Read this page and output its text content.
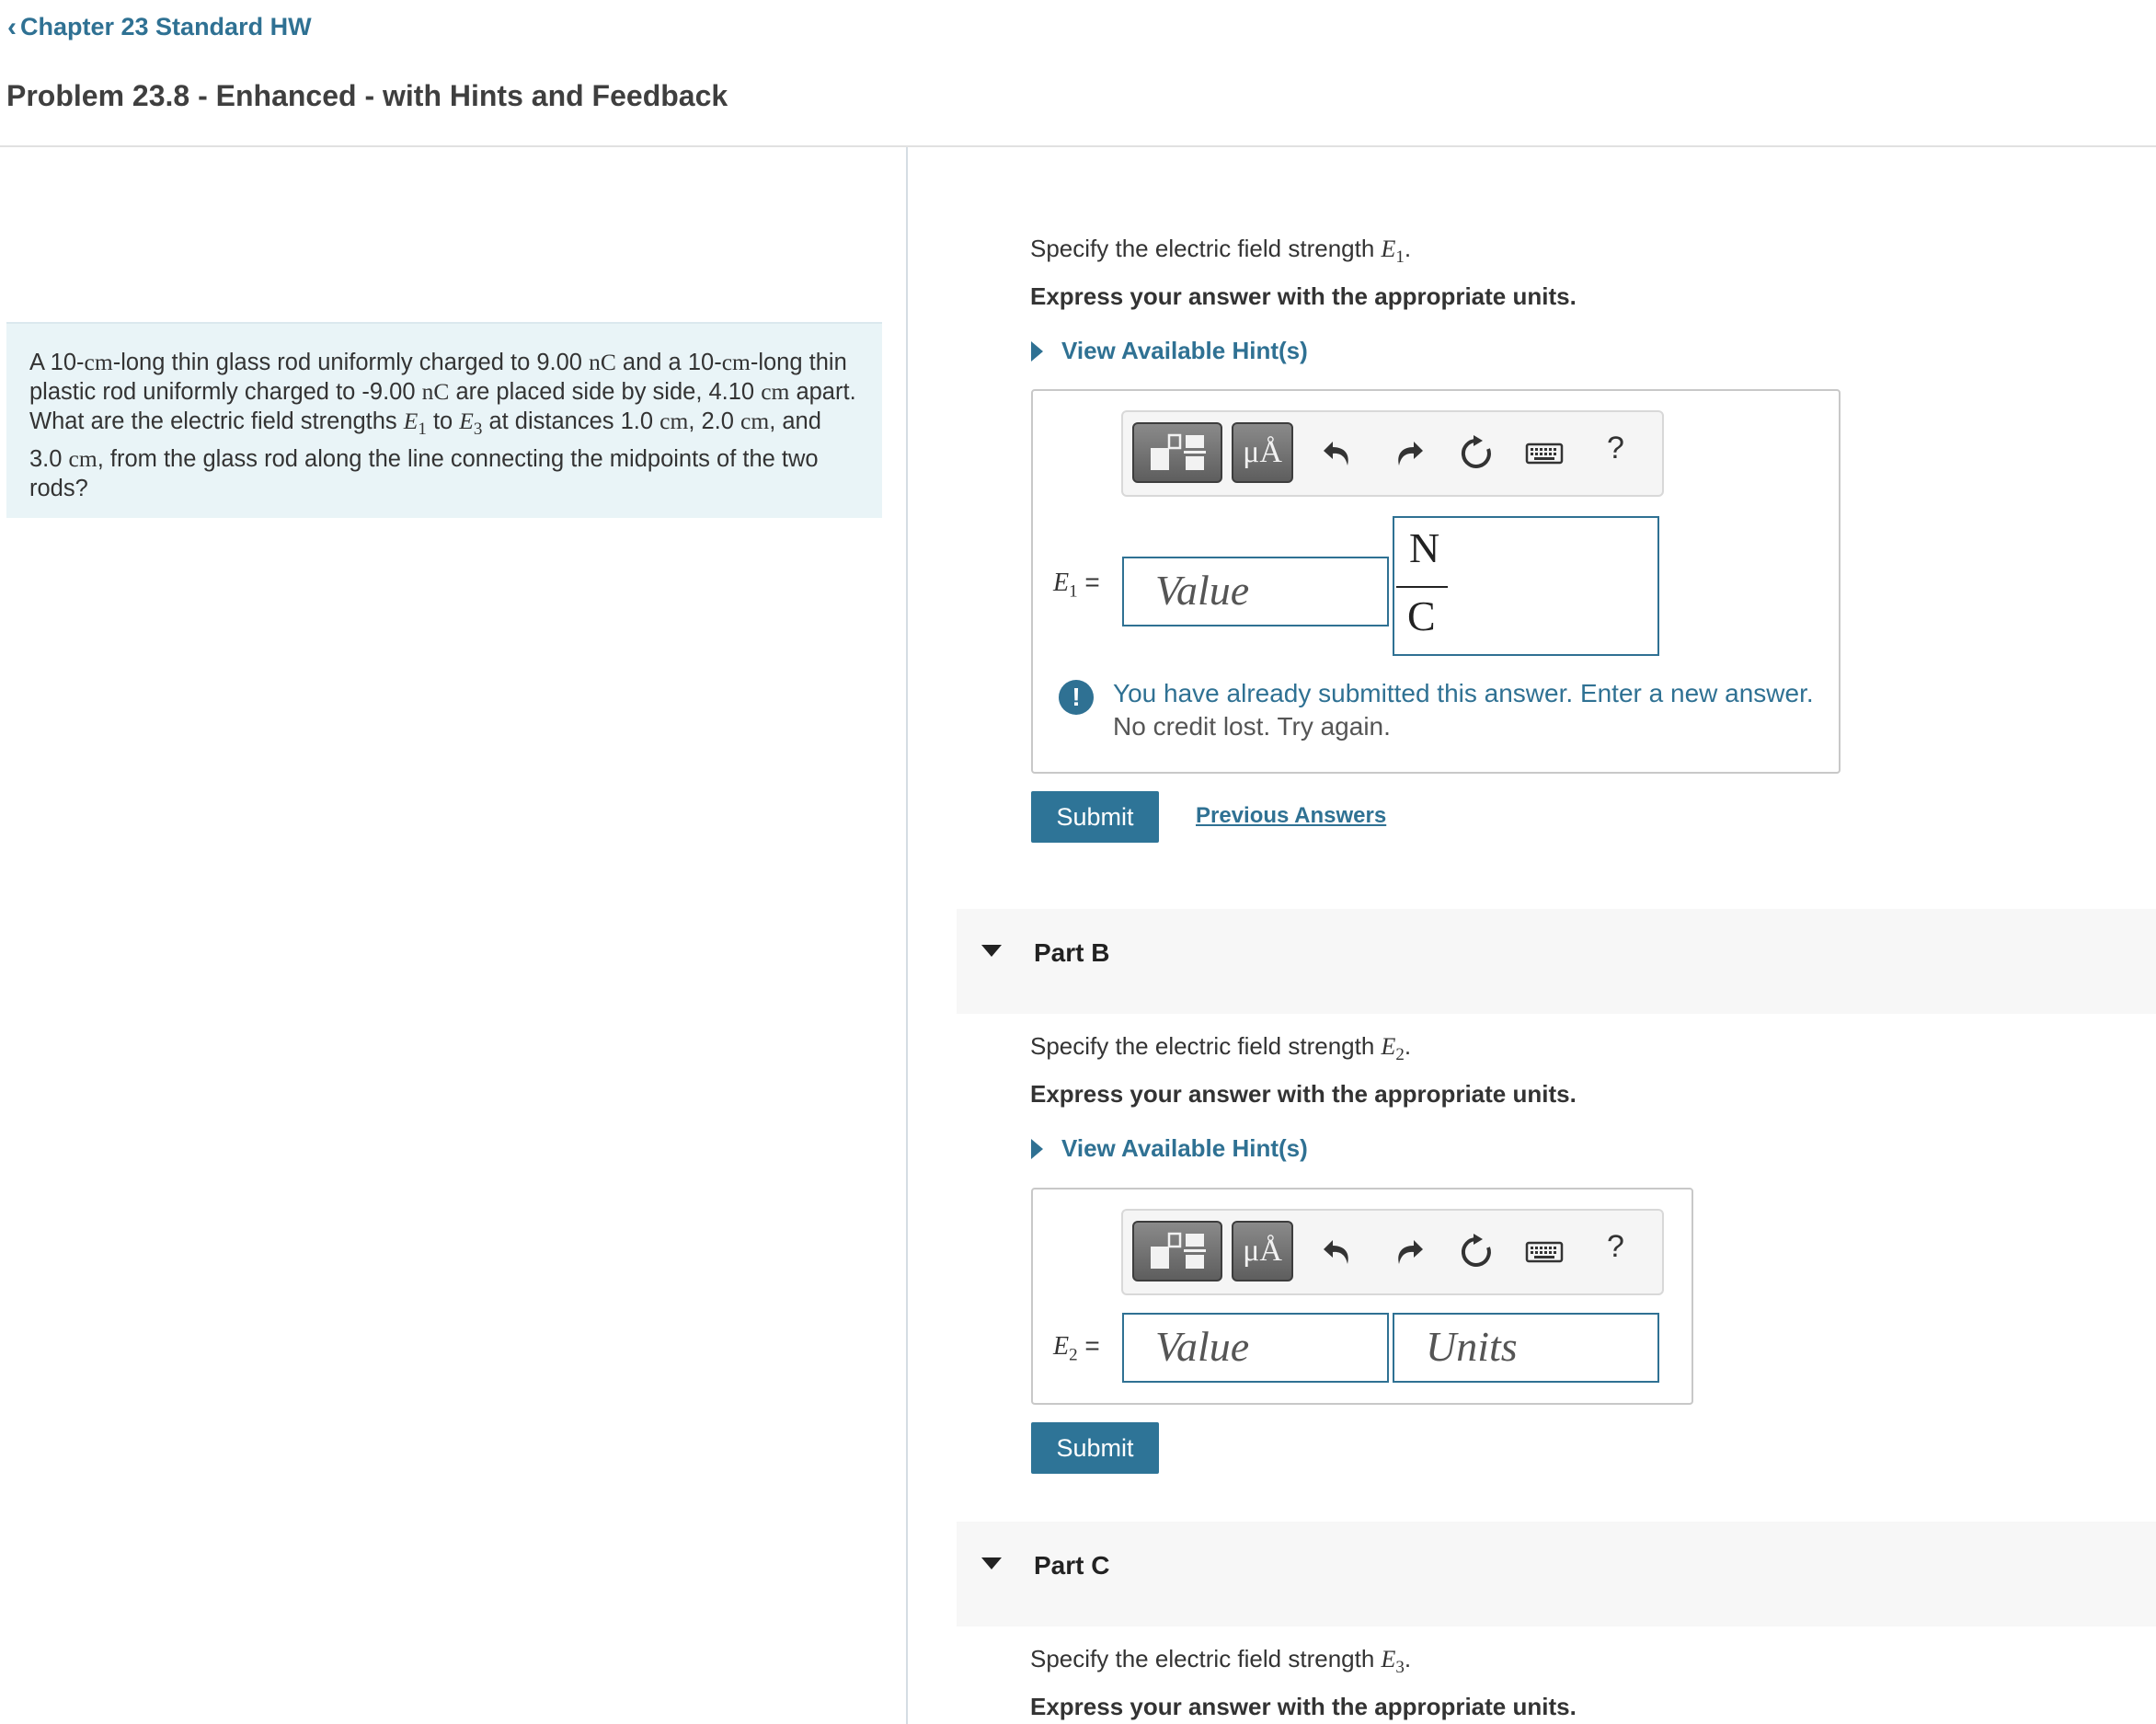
‹ Chapter 23 Standard HW
Problem 23.8 - Enhanced - with Hints and Feedback
A 10-cm-long thin glass rod uniformly charged to 9.00 nC and a 10-cm-long thin plastic rod uniformly charged to -9.00 nC are placed side by side, 4.10 cm apart. What are the electric field strengths $E_1$ to $E_3$ at distances 1.0 cm, 2.0 cm, and 3.0 cm, from the glass rod along the line connecting the midpoints of the two rods?
Specify the electric field strength $E_1$.
Express your answer with the appropriate units.
View Available Hint(s)
μÅ	?
$E_1$ = Value
N
C
!	You have already submitted this answer. Enter a new answer.
No credit lost. Try again.
Submit	Previous Answers
Part B
Specify the electric field strength $E_2$.
Express your answer with the appropriate units.
View Available Hint(s)
μÅ	?
$E_2$ = Value	Units
Submit
Part C
Specify the electric field strength $E_3$.
Express your answer with the appropriate units.
